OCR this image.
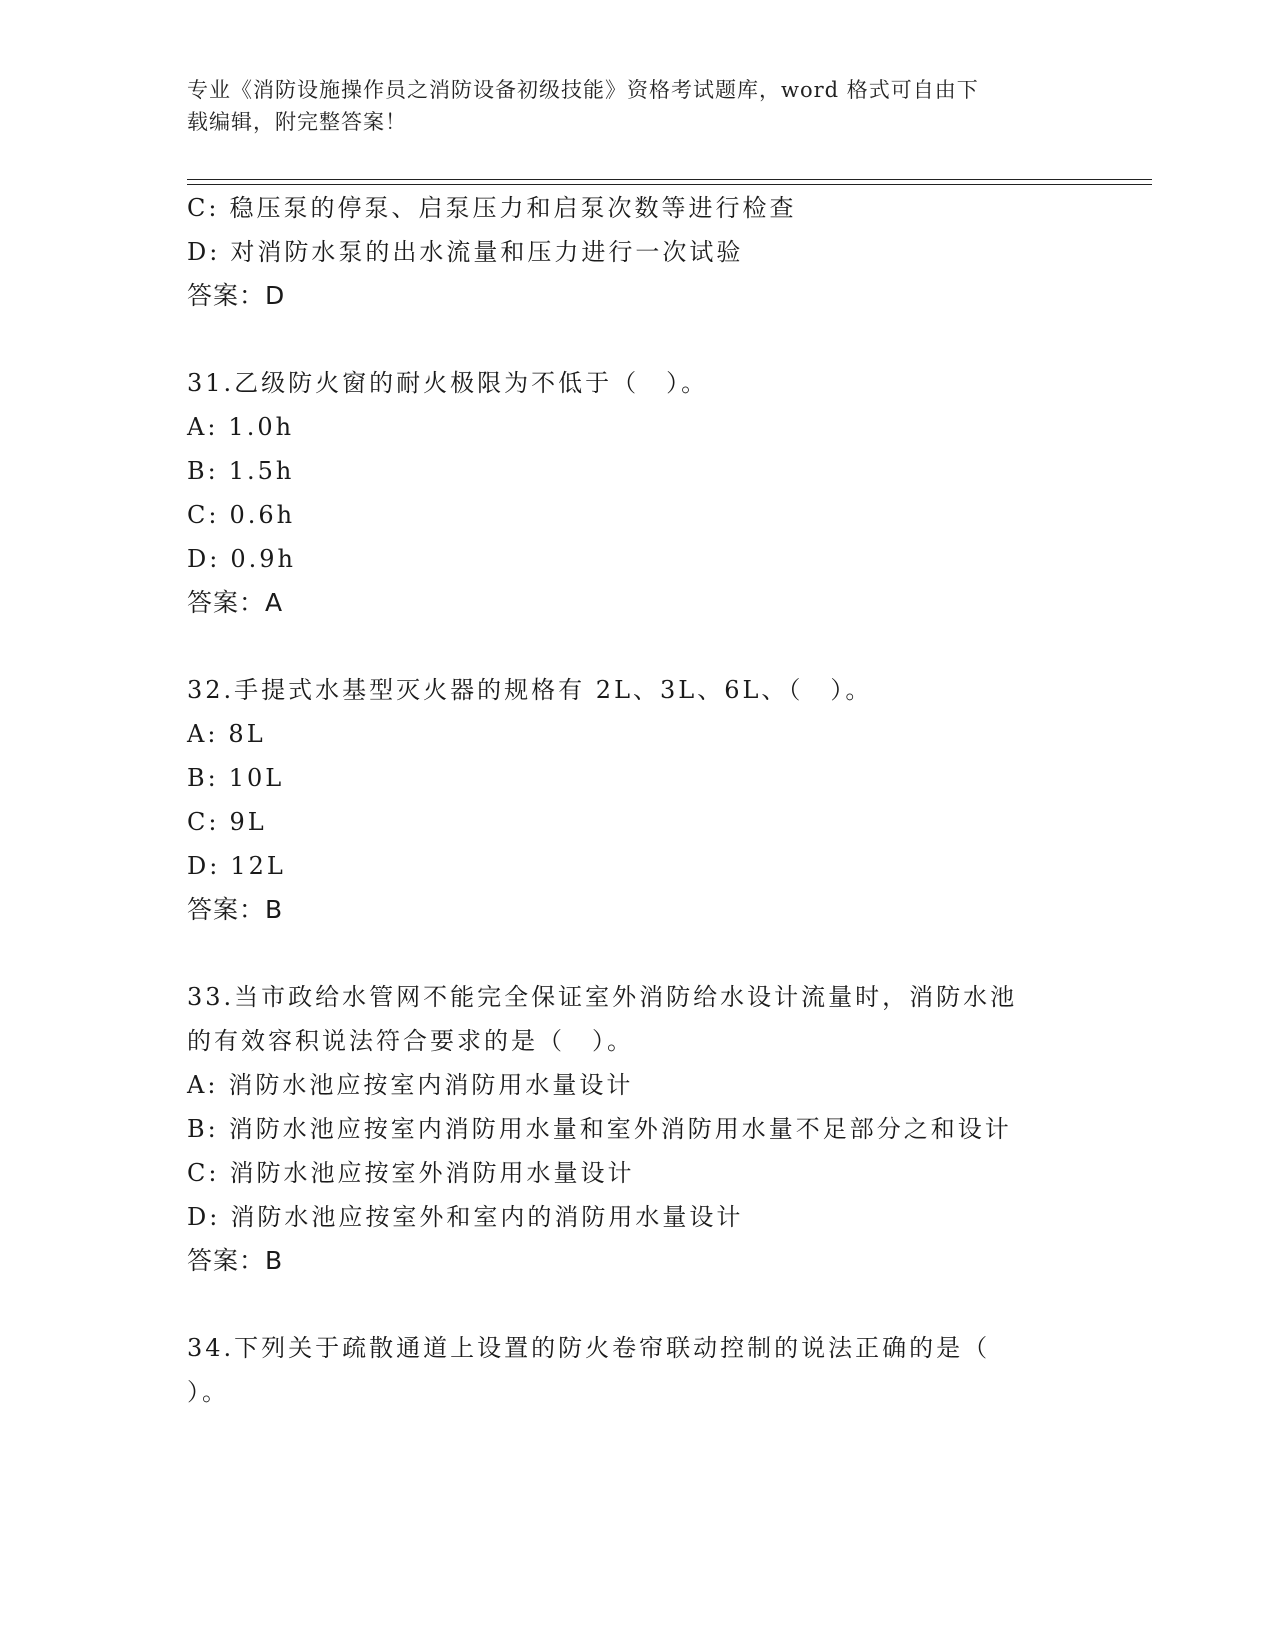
专业《消防设施操作员之消防设备初级技能》资格考试题库，word 格式可自由下
载编辑，附完整答案！
C: 稳压泵的停泵、启泵压力和启泵次数等进行检查
D: 对消防水泵的出水流量和压力进行一次试验
答案：D
31.乙级防火窗的耐火极限为不低于（　）。
A: 1.0h
B: 1.5h
C: 0.6h
D: 0.9h
答案：A
32.手提式水基型灭火器的规格有 2L、3L、6L、（　）。
A: 8L
B: 10L
C: 9L
D: 12L
答案：B
33.当市政给水管网不能完全保证室外消防给水设计流量时，消防水池
的有效容积说法符合要求的是（　）。
A: 消防水池应按室内消防用水量设计
B: 消防水池应按室内消防用水量和室外消防用水量不足部分之和设计
C: 消防水池应按室外消防用水量设计
D: 消防水池应按室外和室内的消防用水量设计
答案：B
34.下列关于疏散通道上设置的防火卷帘联动控制的说法正确的是（
）。
